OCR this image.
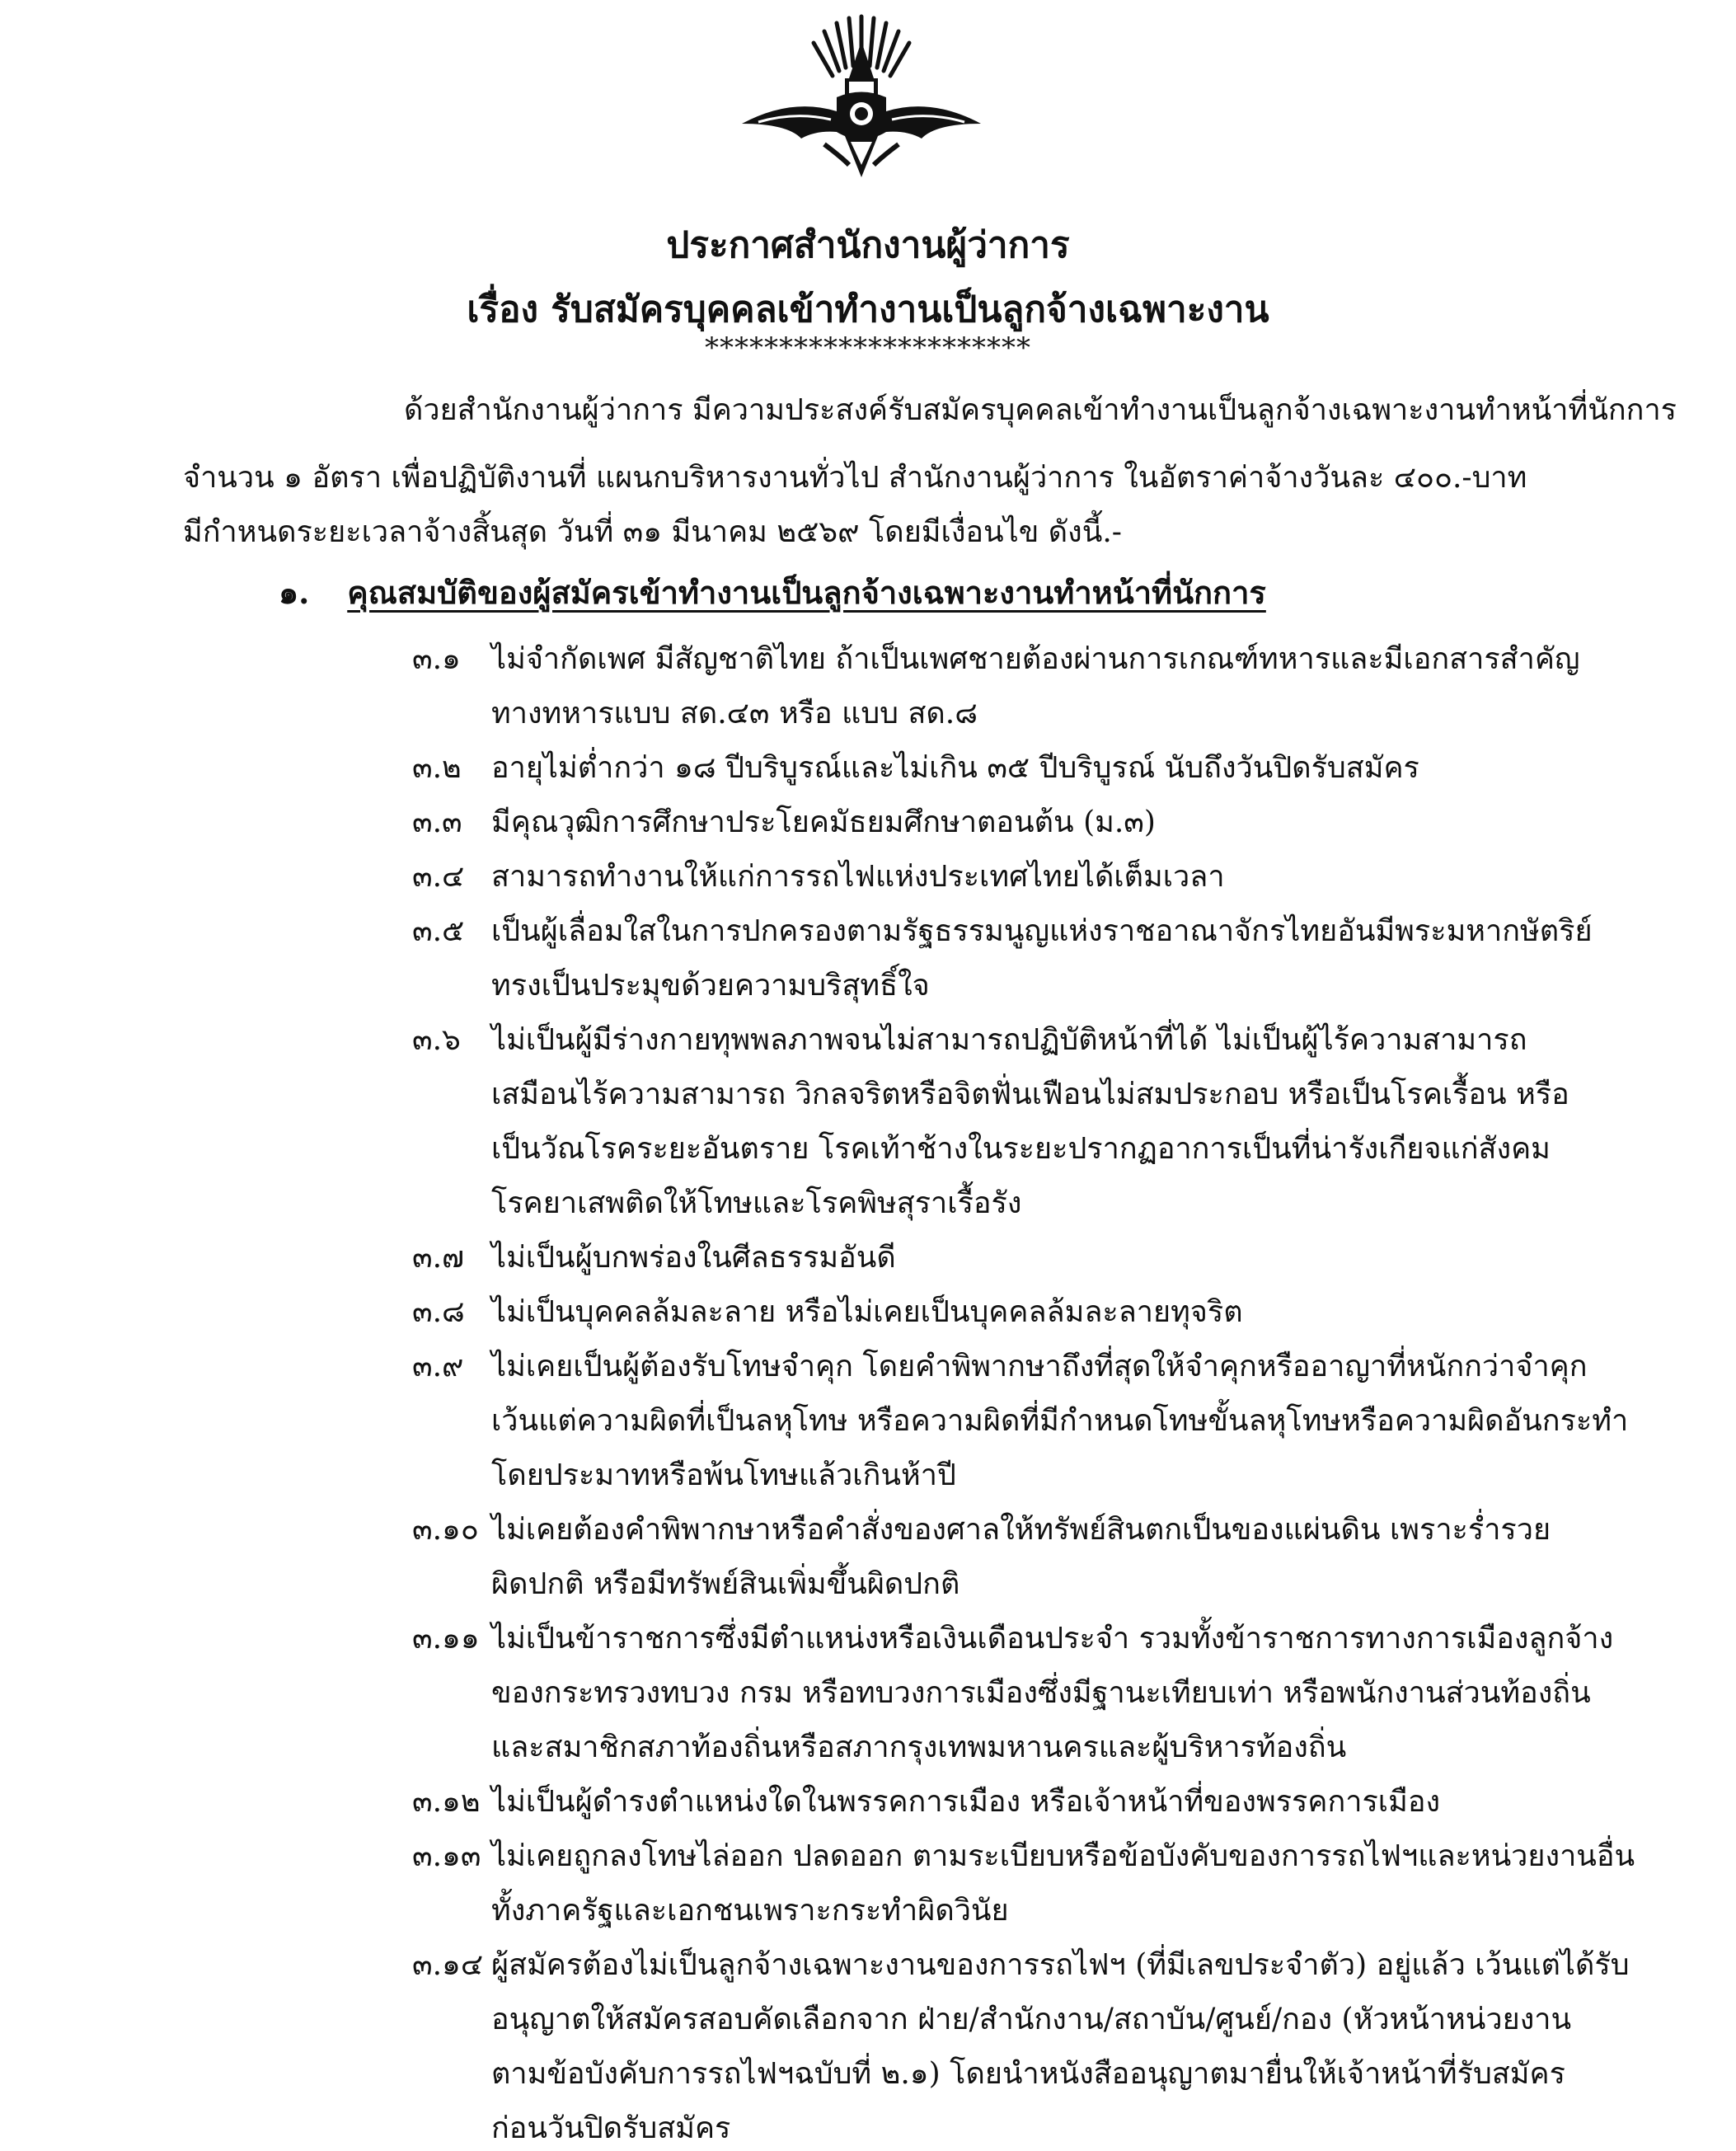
ประกาศสำนักงานผู้ว่าการ
เรื่อง รับสมัครบุคคลเข้าทำงานเป็นลูกจ้างเฉพาะงาน
**********************
ด้วยสำนักงานผู้ว่าการ มีความประสงค์รับสมัครบุคคลเข้าทำงานเป็นลูกจ้างเฉพาะงานทำหน้าที่นักการ
จำนวน ๑ อัตรา เพื่อปฏิบัติงานที่ แผนกบริหารงานทั่วไป สำนักงานผู้ว่าการ ในอัตราค่าจ้างวันละ ๔๐๐.-บาท
มีกำหนดระยะเวลาจ้างสิ้นสุด วันที่ ๓๑ มีนาคม ๒๕๖๙ โดยมีเงื่อนไข ดังนี้.-
๑. คุณสมบัติของผู้สมัครเข้าทำงานเป็นลูกจ้างเฉพาะงานทำหน้าที่นักการ
๓.๑ ไม่จำกัดเพศ มีสัญชาติไทย ถ้าเป็นเพศชายต้องผ่านการเกณฑ์ทหารและมีเอกสารสำคัญ
ทางทหารแบบ สด.๔๓ หรือ แบบ สด.๘
๓.๒ อายุไม่ต่ำกว่า ๑๘ ปีบริบูรณ์และไม่เกิน ๓๕ ปีบริบูรณ์ นับถึงวันปิดรับสมัคร
๓.๓ มีคุณวุฒิการศึกษาประโยคมัธยมศึกษาตอนต้น (ม.๓)
๓.๔ สามารถทำงานให้แก่การรถไฟแห่งประเทศไทยได้เต็มเวลา
๓.๕ เป็นผู้เลื่อมใสในการปกครองตามรัฐธรรมนูญแห่งราชอาณาจักรไทยอันมีพระมหากษัตริย์
ทรงเป็นประมุขด้วยความบริสุทธิ์ใจ
๓.๖ ไม่เป็นผู้มีร่างกายทุพพลภาพจนไม่สามารถปฏิบัติหน้าที่ได้ ไม่เป็นผู้ไร้ความสามารถ
เสมือนไร้ความสามารถ วิกลจริตหรือจิตฟั่นเฟือนไม่สมประกอบ หรือเป็นโรคเรื้อน หรือ
เป็นวัณโรคระยะอันตราย โรคเท้าช้างในระยะปรากฏอาการเป็นที่น่ารังเกียจแก่สังคม
โรคยาเสพติดให้โทษและโรคพิษสุราเรื้อรัง
๓.๗ ไม่เป็นผู้บกพร่องในศีลธรรมอันดี
๓.๘ ไม่เป็นบุคคลล้มละลาย หรือไม่เคยเป็นบุคคลล้มละลายทุจริต
๓.๙ ไม่เคยเป็นผู้ต้องรับโทษจำคุก โดยคำพิพากษาถึงที่สุดให้จำคุกหรืออาญาที่หนักกว่าจำคุก
เว้นแต่ความผิดที่เป็นลหุโทษ หรือความผิดที่มีกำหนดโทษขั้นลหุโทษหรือความผิดอันกระทำ
โดยประมาทหรือพ้นโทษแล้วเกินห้าปี
๓.๑๐ ไม่เคยต้องคำพิพากษาหรือคำสั่งของศาลให้ทรัพย์สินตกเป็นของแผ่นดิน เพราะร่ำรวย
ผิดปกติ หรือมีทรัพย์สินเพิ่มขึ้นผิดปกติ
๓.๑๑ ไม่เป็นข้าราชการซึ่งมีตำแหน่งหรือเงินเดือนประจำ รวมทั้งข้าราชการทางการเมืองลูกจ้าง
ของกระทรวงทบวง กรม หรือทบวงการเมืองซึ่งมีฐานะเทียบเท่า หรือพนักงานส่วนท้องถิ่น
และสมาชิกสภาท้องถิ่นหรือสภากรุงเทพมหานครและผู้บริหารท้องถิ่น
๓.๑๒ ไม่เป็นผู้ดำรงตำแหน่งใดในพรรคการเมือง หรือเจ้าหน้าที่ของพรรคการเมือง
๓.๑๓ ไม่เคยถูกลงโทษไล่ออก ปลดออก ตามระเบียบหรือข้อบังคับของการรถไฟฯและหน่วยงานอื่น
ทั้งภาครัฐและเอกชนเพราะกระทำผิดวินัย
๓.๑๔ ผู้สมัครต้องไม่เป็นลูกจ้างเฉพาะงานของการรถไฟฯ (ที่มีเลขประจำตัว) อยู่แล้ว เว้นแต่ได้รับ
อนุญาตให้สมัครสอบคัดเลือกจาก ฝ่าย/สำนักงาน/สถาบัน/ศูนย์/กอง (หัวหน้าหน่วยงาน
ตามข้อบังคับการรถไฟฯฉบับที่ ๒.๑) โดยนำหนังสืออนุญาตมายื่นให้เจ้าหน้าที่รับสมัคร
ก่อนวันปิดรับสมัคร
